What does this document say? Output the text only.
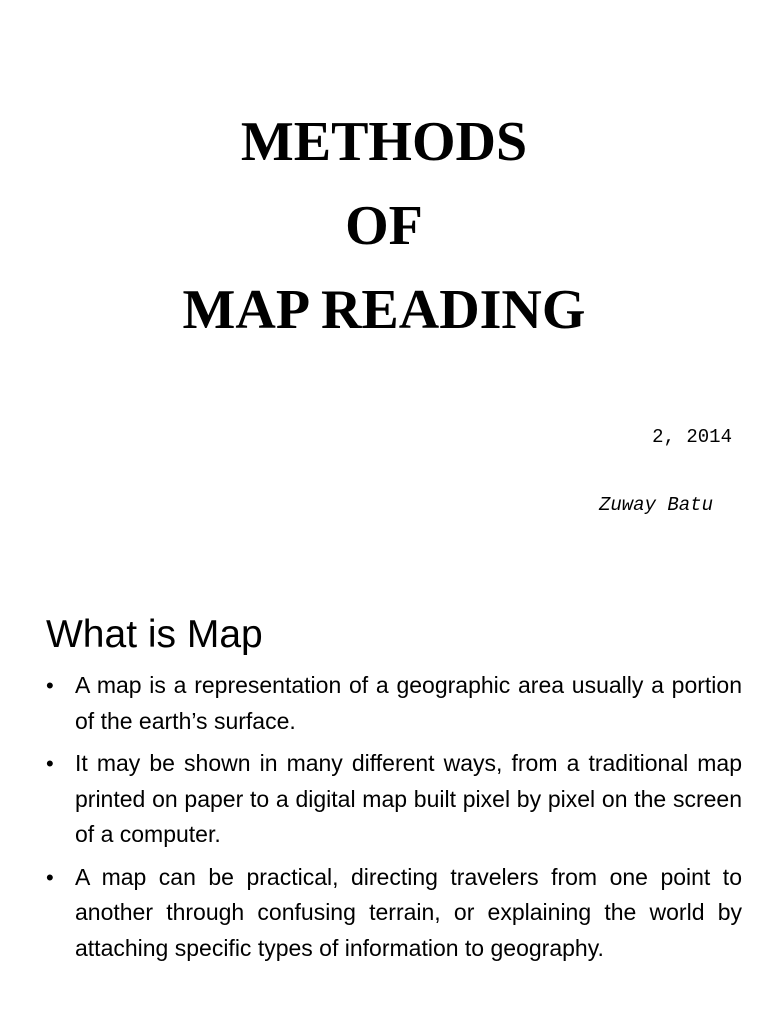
METHODS
OF
MAP READING
2, 2014
Zuway Batu
What is Map
• A map is a representation of a geographic area usually a portion of the earth’s surface.
• It may be shown in many different ways, from a traditional map printed on paper to a digital map built pixel by pixel on the screen of a computer.
• A map can be practical, directing travelers from one point to another through confusing terrain, or explaining the world by attaching specific types of information to geography.
